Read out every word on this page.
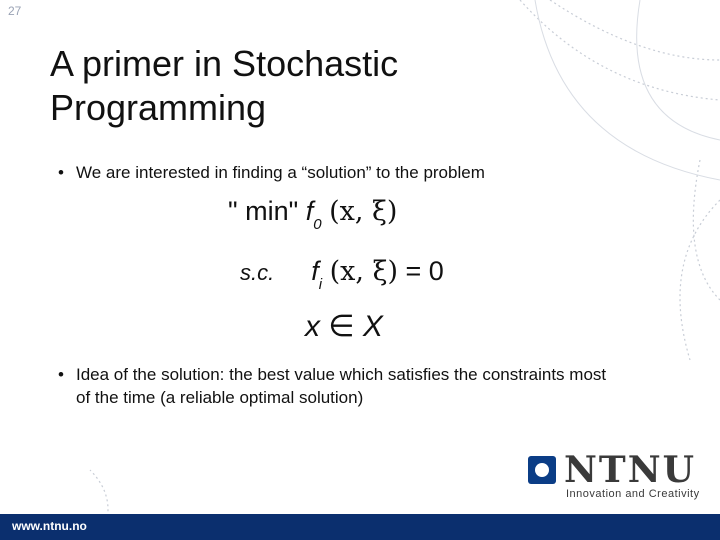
27
A primer in Stochastic
Programming
• We are interested in finding a “solution” to the problem
" min" $f_0$ (x, ξ)
s.c. $f_i$ (x, ξ) = 0
x ∈ X
• Idea of the solution: the best value which satisfies the constraints most of the time (a reliable optimal solution)
NTNU
Innovation and Creativity
www.ntnu.no
